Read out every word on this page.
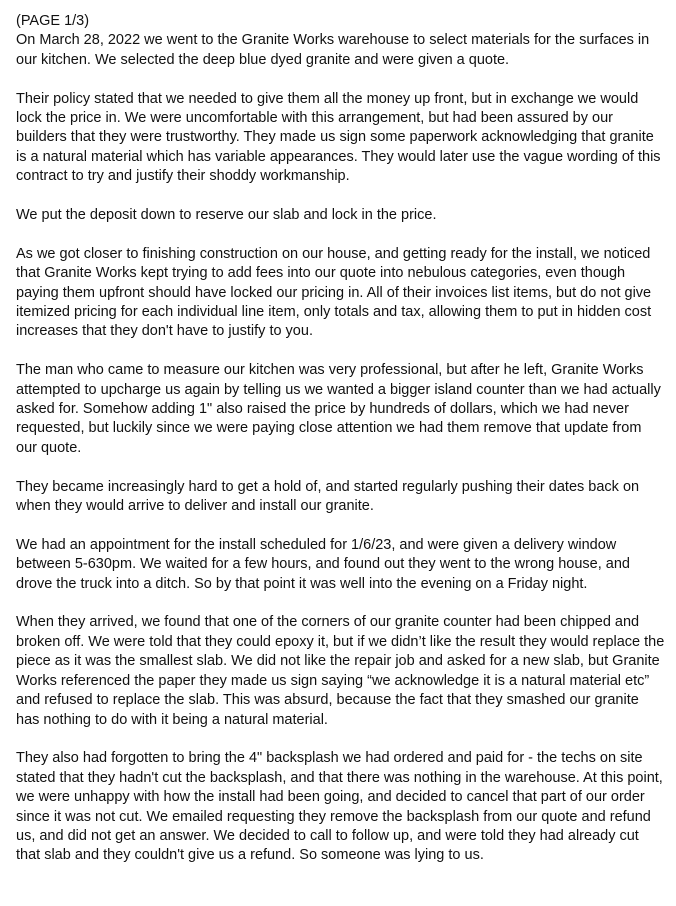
(PAGE 1/3)

On March 28, 2022 we went to the Granite Works warehouse to select materials for the surfaces in our kitchen. We selected the deep blue dyed granite and were given a quote.

Their policy stated that we needed to give them all the money up front, but in exchange we would lock the price in. We were uncomfortable with this arrangement, but had been assured by our builders that they were trustworthy. They made us sign some paperwork acknowledging that granite is a natural material which has variable appearances. They would later use the vague wording of this contract to try and justify their shoddy workmanship.

We put the deposit down to reserve our slab and lock in the price.

As we got closer to finishing construction on our house, and getting ready for the install, we noticed that Granite Works kept trying to add fees into our quote into nebulous categories, even though paying them upfront should have locked our pricing in. All of their invoices list items, but do not give itemized pricing for each individual line item, only totals and tax, allowing them to put in hidden cost increases that they don't have to justify to you.

The man who came to measure our kitchen was very professional, but after he left, Granite Works attempted to upcharge us again by telling us we wanted a bigger island counter than we had actually asked for. Somehow adding 1" also raised the price by hundreds of dollars, which we had never requested, but luckily since we were paying close attention we had them remove that update from our quote.

They became increasingly hard to get a hold of, and started regularly pushing their dates back on when they would arrive to deliver and install our granite.

We had an appointment for the install scheduled for 1/6/23, and were given a delivery window between 5-630pm. We waited for a few hours, and found out they went to the wrong house, and drove the truck into a ditch. So by that point it was well into the evening on a Friday night.

When they arrived, we found that one of the corners of our granite counter had been chipped and broken off. We were told that they could epoxy it, but if we didn’t like the result they would replace the piece as it was the smallest slab. We did not like the repair job and asked for a new slab, but Granite Works referenced the paper they made us sign saying “we acknowledge it is a natural material etc” and refused to replace the slab. This was absurd, because the fact that they smashed our granite has nothing to do with it being a natural material.

They also had forgotten to bring the 4" backsplash we had ordered and paid for - the techs on site stated that they hadn't cut the backsplash, and that there was nothing in the warehouse. At this point, we were unhappy with how the install had been going, and decided to cancel that part of our order since it was not cut. We emailed requesting they remove the backsplash from our quote and refund us, and did not get an answer. We decided to call to follow up, and were told they had already cut that slab and they couldn't give us a refund. So someone was lying to us.
